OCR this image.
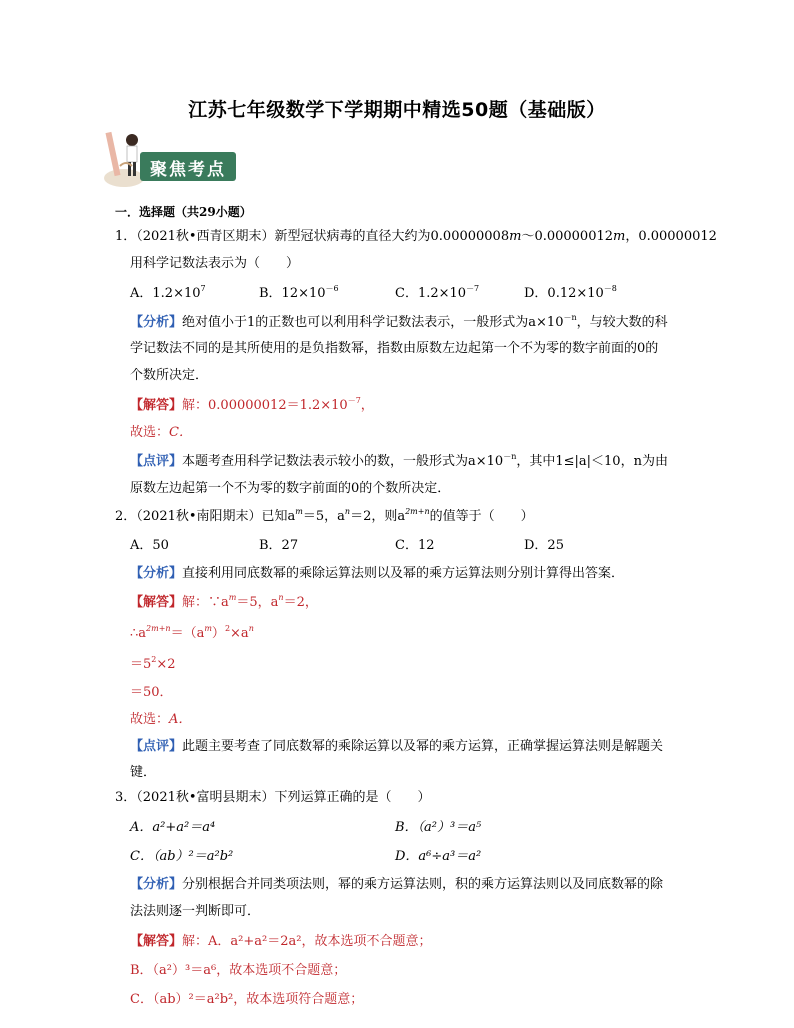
江苏七年级数学下学期期中精选50题（基础版）
聚焦考点
一．选择题（共29小题）
1．（2021秋•西青区期末）新型冠状病毒的直径大约为0.00000008m～0.00000012m，0.00000012
用科学记数法表示为（　　）
A．$1.2\times 10^7$	B．$12\times 10^{-6}$	C．$1.2\times 10^{-7}$	D．$0.12\times 10^{-8}$
【分析】绝对值小于1的正数也可以利用科学记数法表示，一般形式为$a\times 10^{-n}$，与较大数的科
学记数法不同的是其所使用的是负指数幂，指数由原数左边起第一个不为零的数字前面的0的
个数所决定．
【解答】解：$0.00000012=1.2\times 10^{-7}$，
故选：C．
【点评】本题考查用科学记数法表示较小的数，一般形式为$a\times 10^{-n}$，其中1≤|a|＜10，n为由
原数左边起第一个不为零的数字前面的0的个数所决定．
2．（2021秋•南阳期末）已知$a^m=5$，$a^n=2$，则$a^{2m+n}$的值等于（　　）
A．50	B．27	C．12	D．25
【分析】直接利用同底数幂的乘除运算法则以及幂的乘方运算法则分别计算得出答案．
【解答】解：$\because a^m=5$，$a^n=2$，
$\therefore a^{2m+n}=(a^m)^2\times a^n$
$=5^2\times 2$
＝50．
故选：A．
【点评】此题主要考查了同底数幂的乘除运算以及幂的乘方运算，正确掌握运算法则是解题关
键．
3．（2021秋•富明县期末）下列运算正确的是（　　）
A．a²+a²＝a⁴	B．（a²）³＝a⁵
C．（ab）²＝a²b²	D．a⁶÷a³＝a²
【分析】分别根据合并同类项法则，幂的乘方运算法则，积的乘方运算法则以及同底数幂的除
法法则逐一判断即可．
【解答】解：A．a²+a²＝2a²，故本选项不合题意；
B．（a²）³＝a⁶，故本选项不合题意；
C．（ab）²＝a²b²，故本选项符合题意；
